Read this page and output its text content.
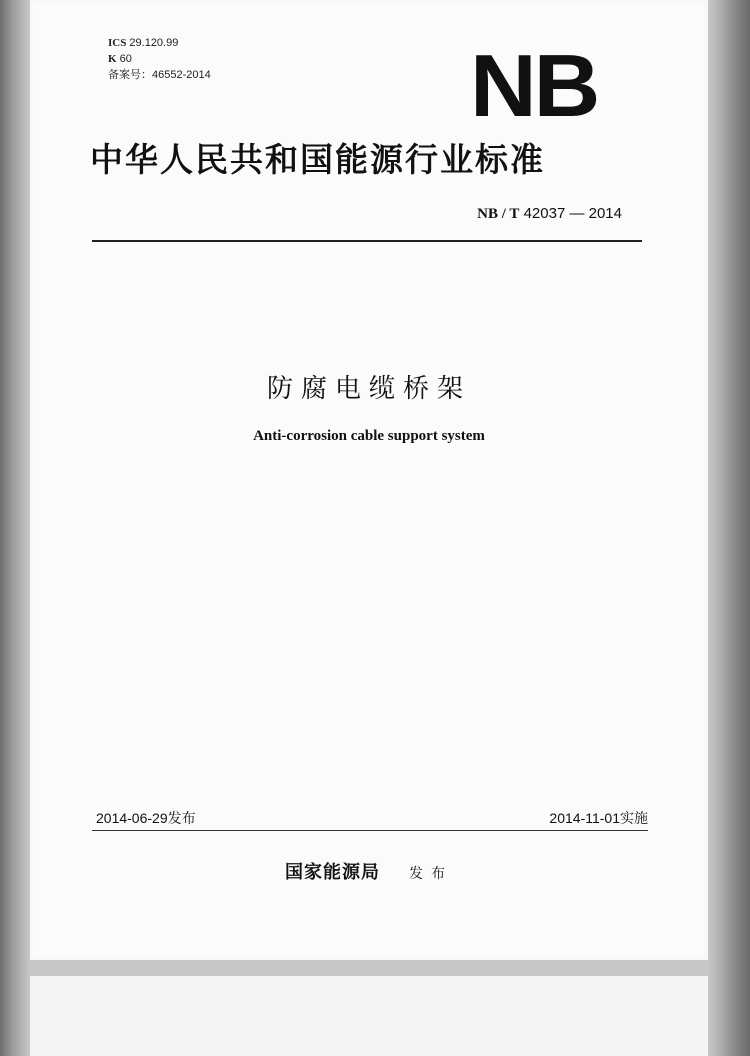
ICS 29.120.99
K 60
备案号：46552-2014	NB
中华人民共和国能源行业标准
NB / T 42037 — 2014
防腐电缆桥架
Anti-corrosion cable support system
2014-06-29发布	2014-11-01实施
国家能源局 发布
